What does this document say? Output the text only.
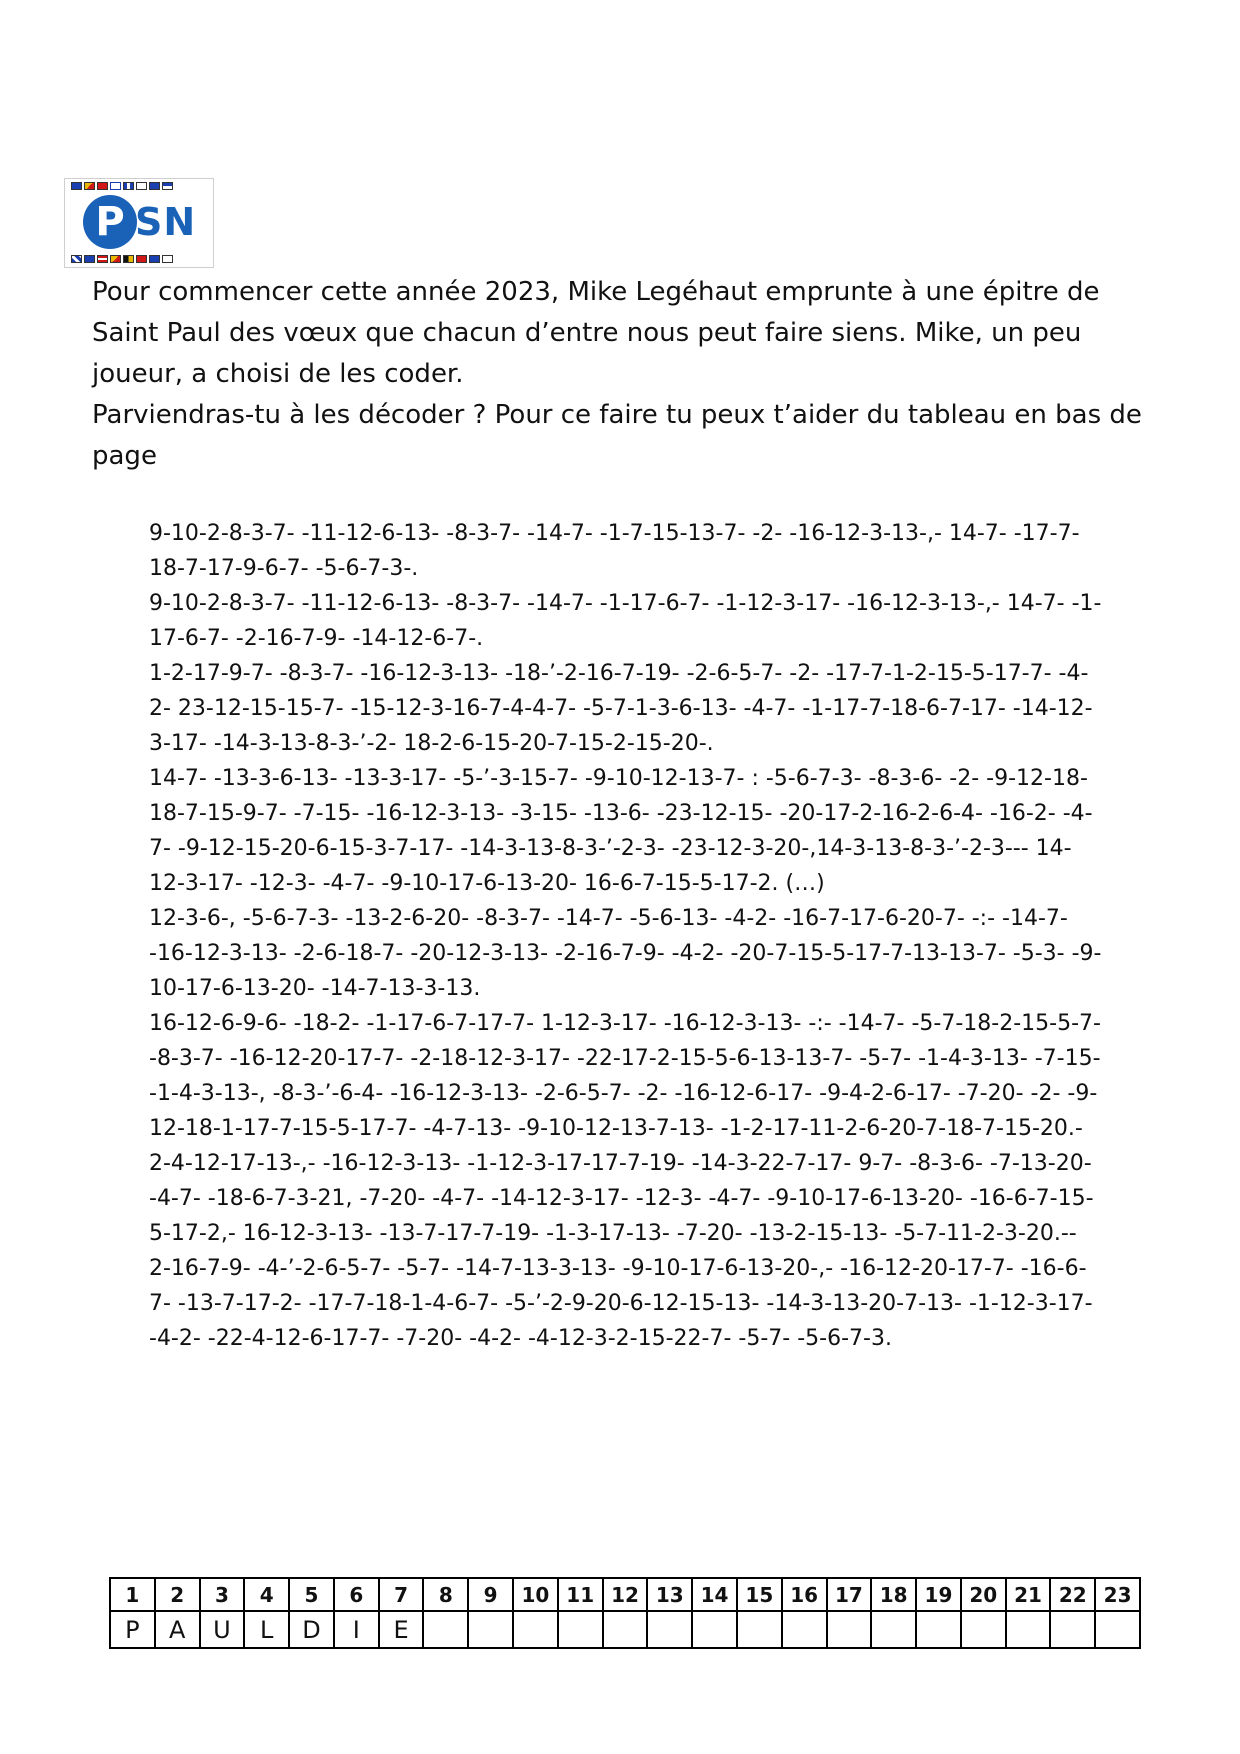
P SN

Pour commencer cette année 2023, Mike Legéhaut emprunte à une épitre de Saint Paul des vœux que chacun d’entre nous peut faire siens. Mike, un peu joueur, a choisi de les coder.

Parviendras-tu à les décoder ? Pour ce faire tu peux t’aider du tableau en bas de page

9-10-2-8-3-7- -11-12-6-13- -8-3-7- -14-7- -1-7-15-13-7- -2- -16-12-3-13-,- 14-7- -17-7-18-7-17-9-6-7- -5-6-7-3-.

9-10-2-8-3-7- -11-12-6-13- -8-3-7- -14-7- -1-17-6-7- -1-12-3-17- -16-12-3-13-,- 14-7- -1-17-6-7- -2-16-7-9- -14-12-6-7-.

1-2-17-9-7- -8-3-7- -16-12-3-13- -18-’-2-16-7-19- -2-6-5-7- -2- -17-7-1-2-15-5-17-7- -4-2- 23-12-15-15-7- -15-12-3-16-7-4-4-7- -5-7-1-3-6-13- -4-7- -1-17-7-18-6-7-17- -14-12-3-17- -14-3-13-8-3-’-2- 18-2-6-15-20-7-15-2-15-20-.

14-7- -13-3-6-13- -13-3-17- -5-’-3-15-7- -9-10-12-13-7- : -5-6-7-3- -8-3-6- -2- -9-12-18-18-7-15-9-7- -7-15- -16-12-3-13- -3-15- -13-6- -23-12-15- -20-17-2-16-2-6-4- -16-2- -4-7- -9-12-15-20-6-15-3-7-17- -14-3-13-8-3-’-2-3- -23-12-3-20-,14-3-13-8-3-’-2-3--- 14-12-3-17- -12-3- -4-7- -9-10-17-6-13-20- 16-6-7-15-5-17-2. (…)

12-3-6-, -5-6-7-3- -13-2-6-20- -8-3-7- -14-7- -5-6-13- -4-2- -16-7-17-6-20-7- -:- -14-7- -16-12-3-13- -2-6-18-7- -20-12-3-13- -2-16-7-9- -4-2- -20-7-15-5-17-7-13-13-7- -5-3- -9-10-17-6-13-20- -14-7-13-3-13.

16-12-6-9-6- -18-2- -1-17-6-7-17-7- 1-12-3-17- -16-12-3-13- -:- -14-7- -5-7-18-2-15-5-7- -8-3-7- -16-12-20-17-7- -2-18-12-3-17- -22-17-2-15-5-6-13-13-7- -5-7- -1-4-3-13- -7-15- -1-4-3-13-, -8-3-’-6-4- -16-12-3-13- -2-6-5-7- -2- -16-12-6-17- -9-4-2-6-17- -7-20- -2- -9-12-18-1-17-7-15-5-17-7- -4-7-13- -9-10-12-13-7-13- -1-2-17-11-2-6-20-7-18-7-15-20.-

2-4-12-17-13-,- -16-12-3-13- -1-12-3-17-17-7-19- -14-3-22-7-17- 9-7- -8-3-6- -7-13-20- -4-7- -18-6-7-3-21, -7-20- -4-7- -14-12-3-17- -12-3- -4-7- -9-10-17-6-13-20- -16-6-7-15-5-17-2,- 16-12-3-13- -13-7-17-7-19- -1-3-17-13- -7-20- -13-2-15-13- -5-7-11-2-3-20.--

2-16-7-9- -4-’-2-6-5-7- -5-7- -14-7-13-3-13- -9-10-17-6-13-20-,- -16-12-20-17-7- -16-6-7- -13-7-17-2- -17-7-18-1-4-6-7- -5-’-2-9-20-6-12-15-13- -14-3-13-20-7-13- -1-12-3-17- -4-2- -22-4-12-6-17-7- -7-20- -4-2- -4-12-3-2-15-22-7- -5-7- -5-6-7-3.

1	2	3	4	5	6	7	8	9	10	11	12	13	14	15	16	17	18	19	20	21	22	23
P	A	U	L	D	I	E																
